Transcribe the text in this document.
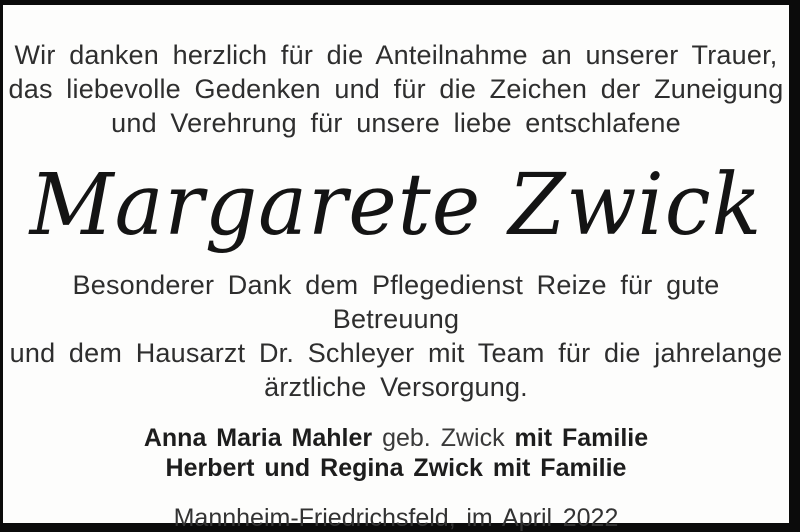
Wir danken herzlich für die Anteilnahme an unserer Trauer,
das liebevolle Gedenken und für die Zeichen der Zuneigung
und Verehrung für unsere liebe entschlafene
Margarete Zwick
Besonderer Dank dem Pflegedienst Reize für gute Betreuung
und dem Hausarzt Dr. Schleyer mit Team für die jahrelange
ärztliche Versorgung.
Anna Maria Mahler geb. Zwick mit Familie
Herbert und Regina Zwick mit Familie
Mannheim-Friedrichsfeld, im April 2022
